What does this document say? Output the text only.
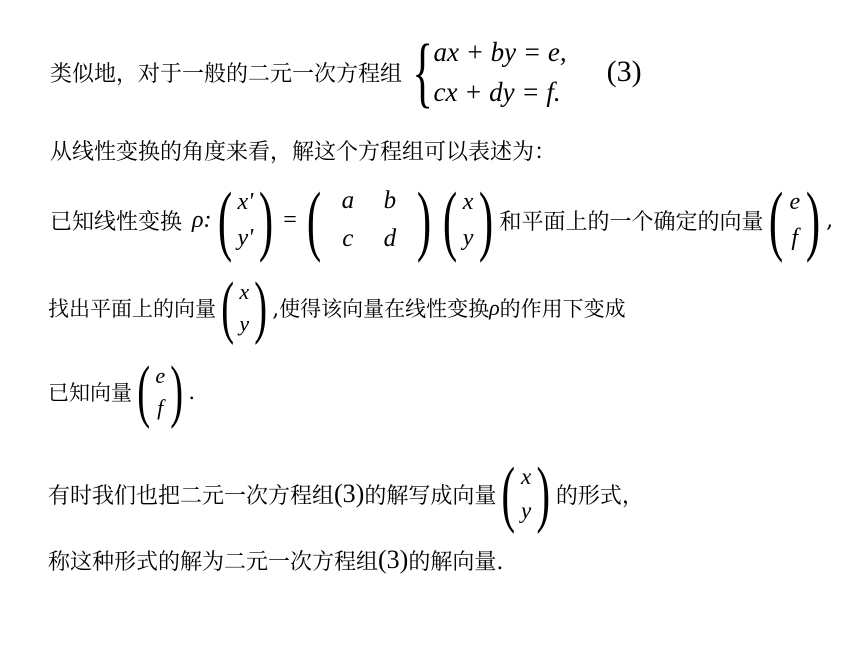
类似地，对于一般的二元一次方程组 { ax + by = e,
cx + dy = f.
(3)
从线性变换的角度来看，解这个方程组可以表述为：
已知线性变换 ρ: ( x'
y' ) = ( a	b
c	d ) ( x
y ) 和平面上的一个确定的向量 ( e
f ) ,
找出平面上的向量 ( x
y ) ,使得该向量在线性变换 ρ 的作用下变成
已知向量 ( e
f ) .
有时我们也把二元一次方程组 (3) 的解写成向量 ( x
y ) 的形式，
称这种形式的解为二元一次方程组 (3) 的解向量.
